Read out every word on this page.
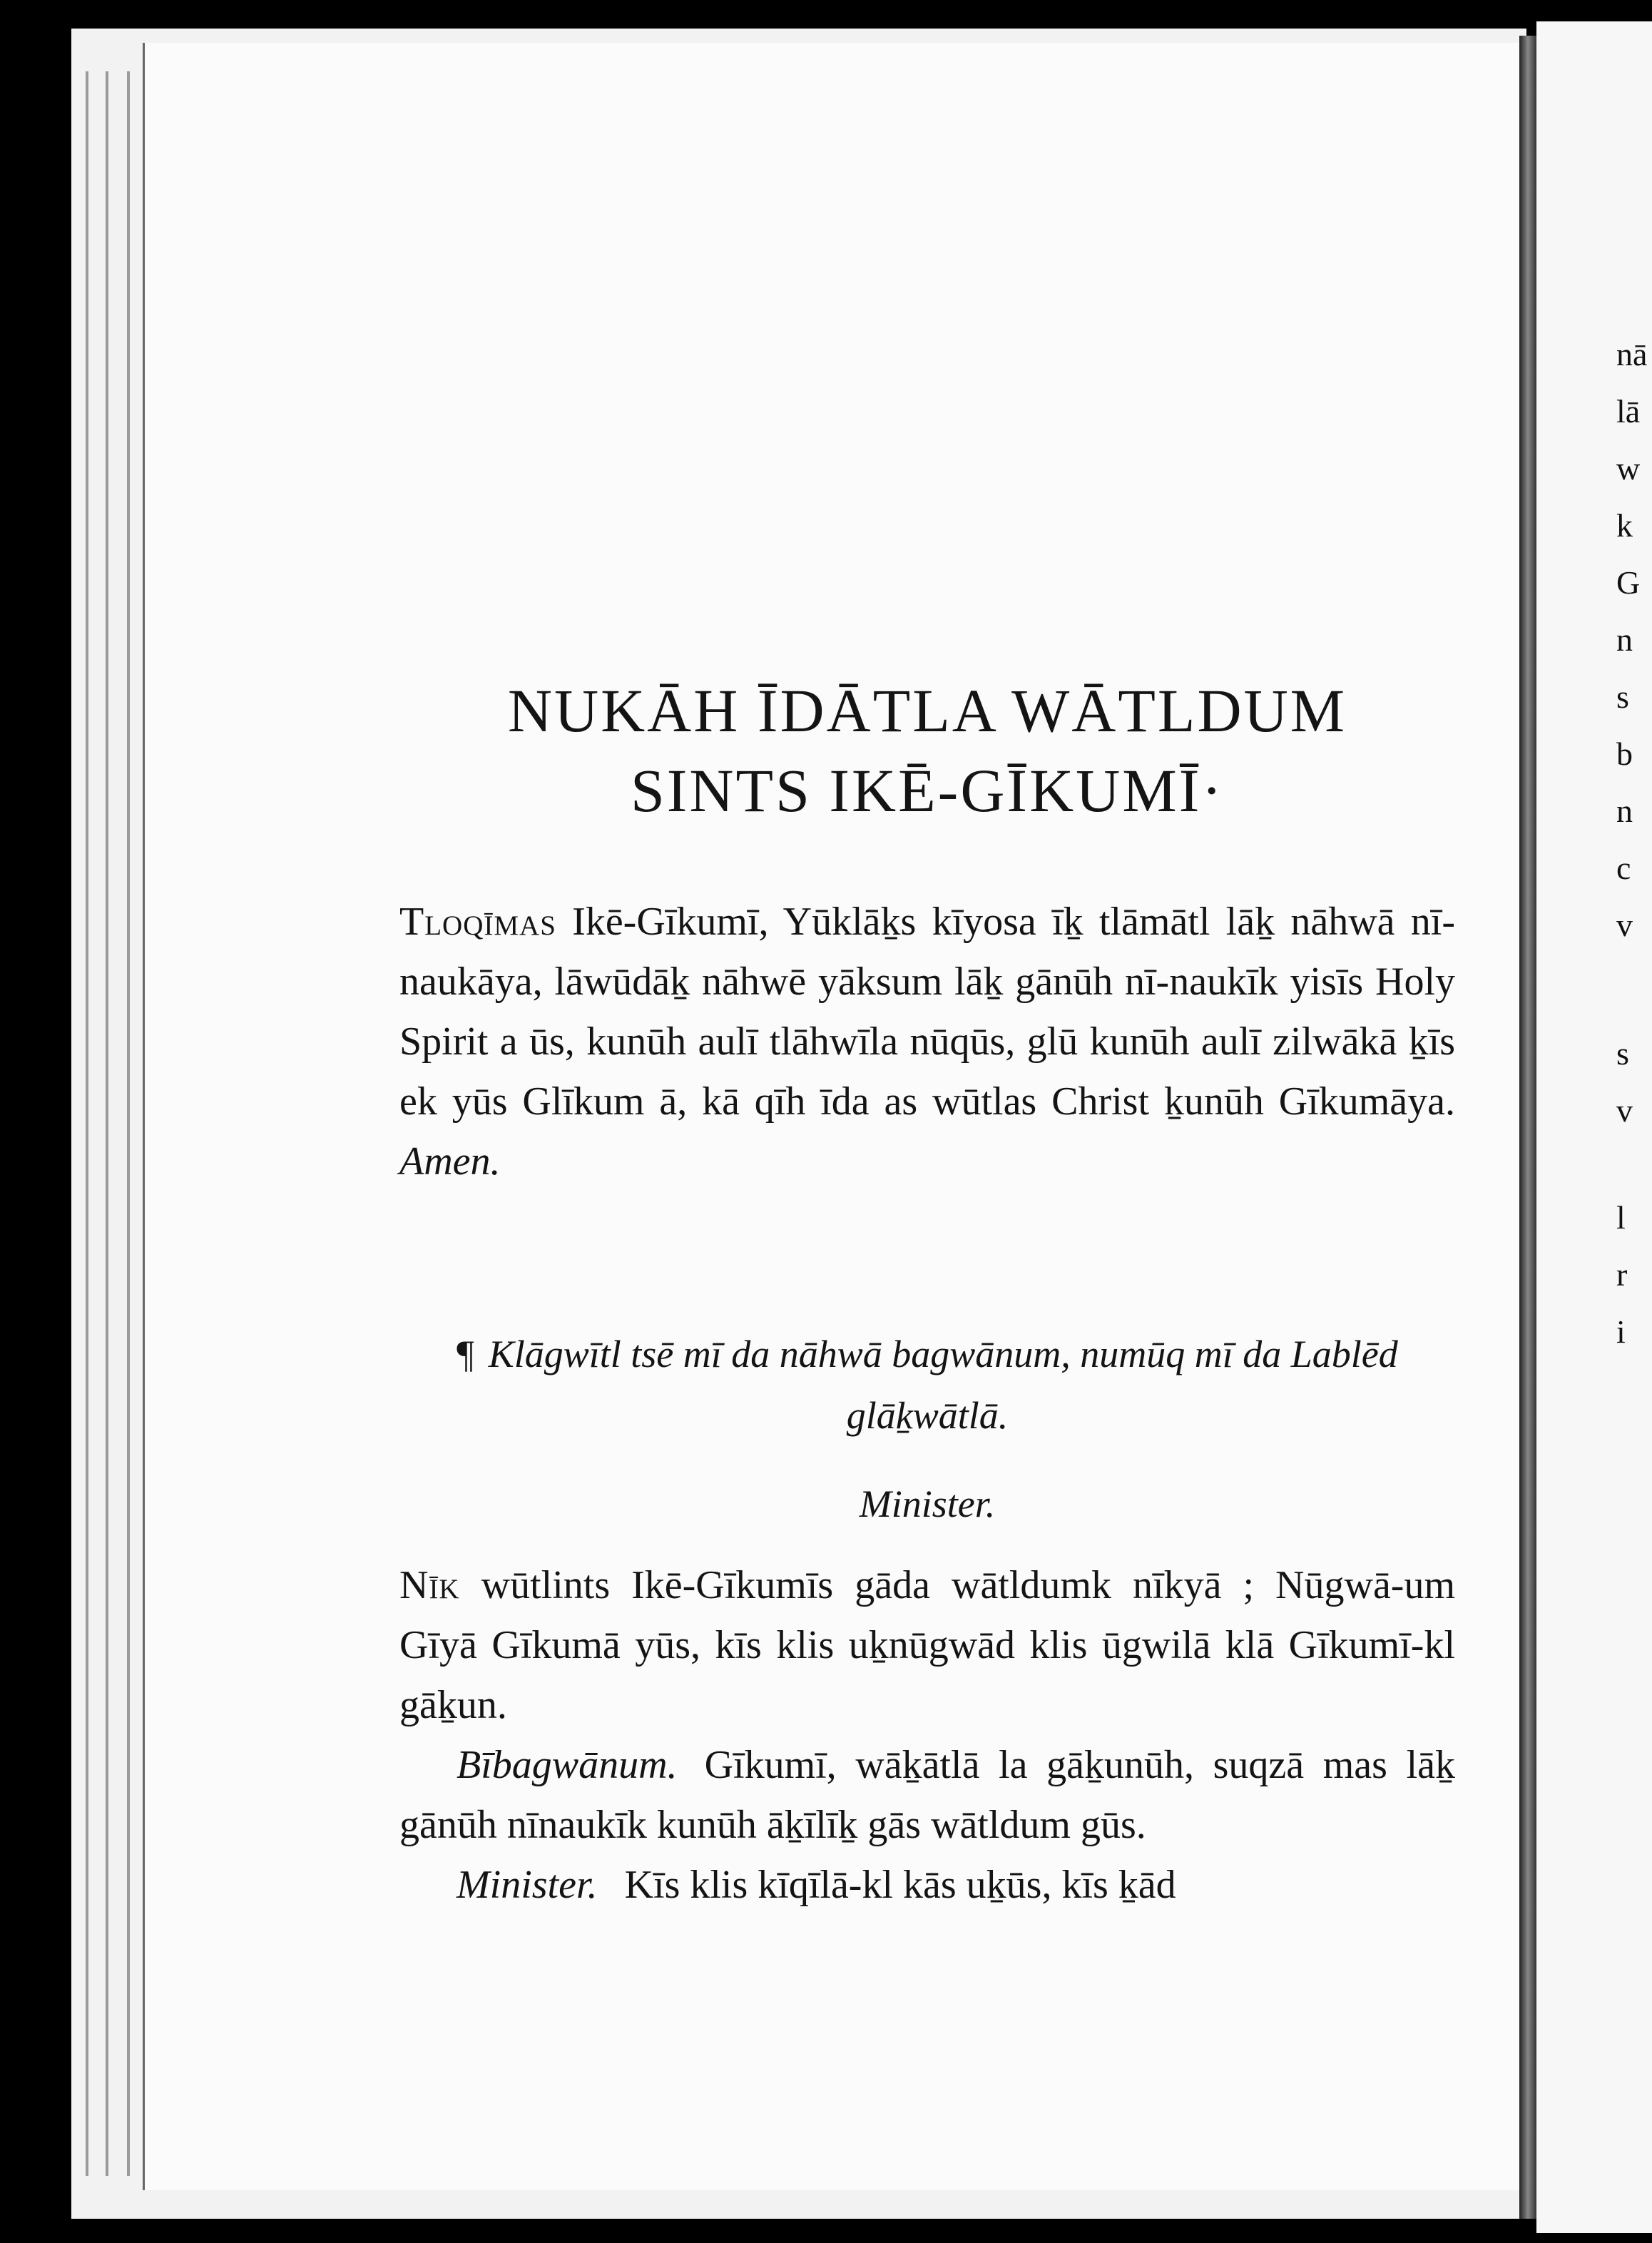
nā
lā
w
k
G
n
s
b
n
c
v
s
v
l
r
i
NUKĀH ĪDĀTLA WĀTLDUM
SINTS IKĒ-GĪKUMĪ·
Tloqīmas Ikē-Gīkumī, Yūklāḵs kīyosa īḵ tlāmātl lāḵ nāhwā nī-naukāya, lāwūdāḵ nāhwē yāksum lāḵ gānūh nī-naukīk yisīs Holy Spirit a ūs, kunūh aulī tlāhwīla nūqūs, glū kunūh aulī zilwākā ḵīs ek yūs Glīkum ā, kā qīh īda as wūtlas Christ ḵunūh Gīkumāya. Amen.
¶ Klāgwītl tsē mī da nāhwā bagwānum, numūq mī da Lablēd glāḵwātlā.
Minister.

Nīk wūtlints Ikē-Gīkumīs gāda wātldumk nīkyā ; Nūgwā-um Gīyā Gīkumā yūs, kīs klis uḵnūgwād klis ūgwilā klā Gīkumī-kl gāḵun.

Bībagwānum. Gīkumī, wāḵātlā la gāḵunūh, suqzā mas lāḵ gānūh nīnaukīk kunūh āḵīlīḵ gās wātldum gūs.

Minister. Kīs klis kīqīlā-kl kās uḵūs, kīs ḵād
